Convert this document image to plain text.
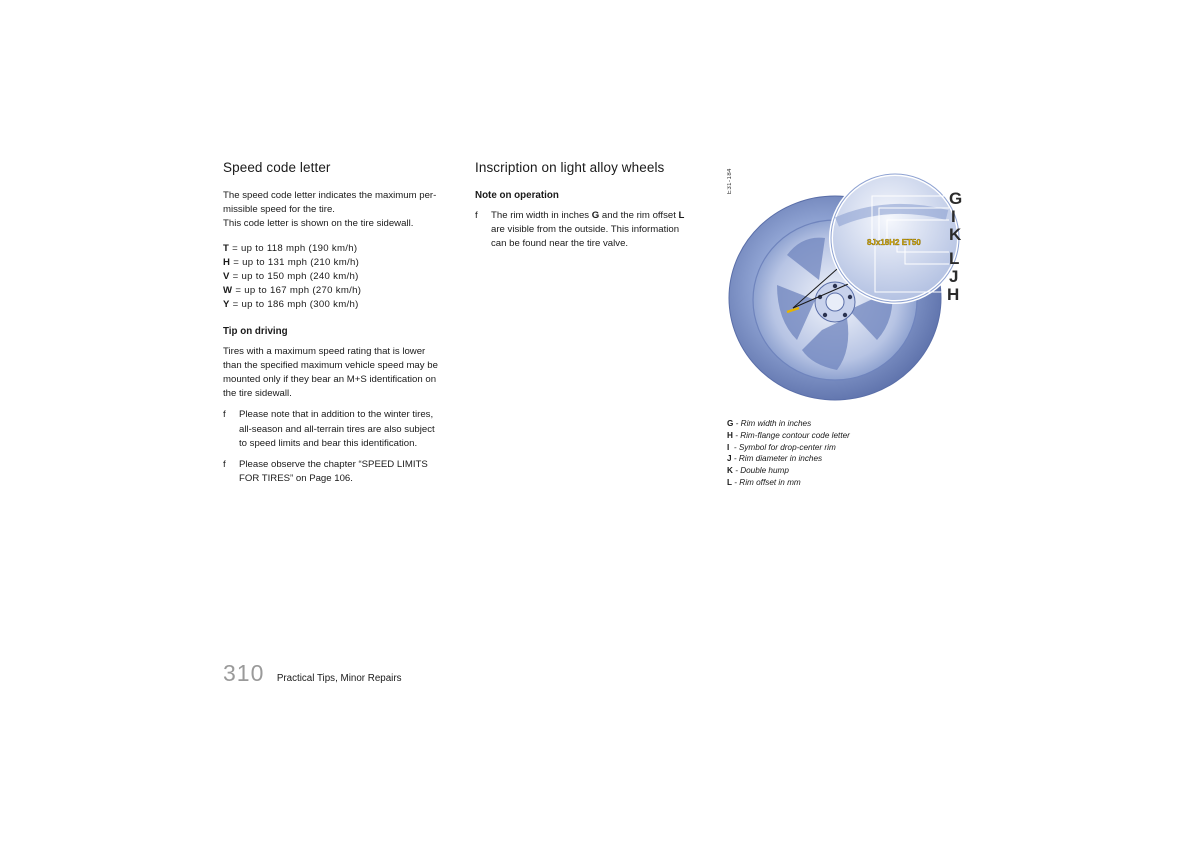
Speed code letter

The speed code letter indicates the maximum per-

missible speed for the tire.

This code letter is shown on the tire sidewall.

T = up to 118 mph (190 km/h)
H = up to 131 mph (210 km/h)
V = up to 150 mph (240 km/h)
W = up to 167 mph (270 km/h)
Y = up to 186 mph (300 km/h)
Tip on driving

Tires with a maximum speed rating that is lower

than the specified maximum vehicle speed may be

mounted only if they bear an M+S identification on

the tire sidewall.

f Please note that in addition to the winter tires,
all-season and all-terrain tires are also subject
to speed limits and bear this identification.
f Please observe the chapter “SPEED LIMITS
FOR TIRES” on Page 106.
Inscription on light alloy wheels
Note on operation
f The rim width in inches G and the rim offset L
are visible from the outside. This information
can be found near the tire valve.	8Jx18H2 ET50
G
I
K
L
J
H
E31-184
G - Rim width in inches
H - Rim-flange contour code letter
I  - Symbol for drop-center rim
J - Rim diameter in inches
K - Double hump
L - Rim offset in mm
310 Practical Tips, Minor Repairs
